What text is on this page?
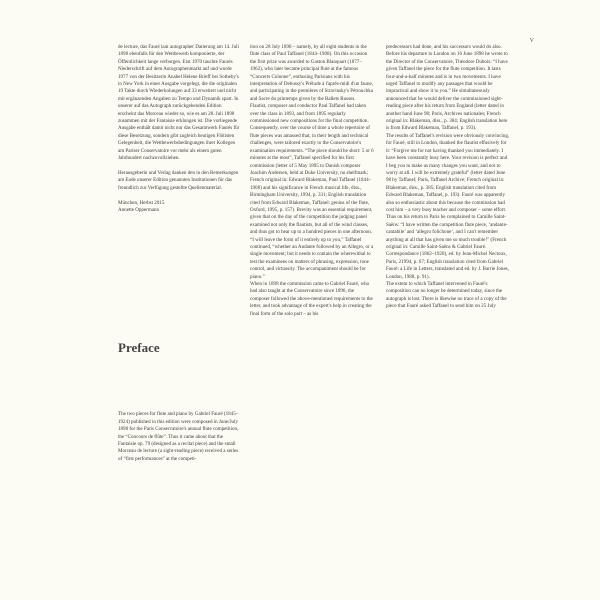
V

de lecture, das Fauré laut autographer Datierung am 14. Juli 1898 ebenfalls für den Wettbewerb komponierte, der Öffentlichkeit lange verborgen. Erst 1970 tauchte Faurés Niederschrift auf dem Autographenmarkt auf und wurde 1977 von der Besitzerin Anabel Helene Brieff bei Sotheby's in New York in einer Ausgabe vorgelegt, die die originalen 19 Takte durch Wiederholungen auf 33 erweitert und nicht mit ergänzenden Angaben zu Tempo und Dynamik spart. In unserer auf das Autograph zurückgehenden Edition erscheint das Morceau wieder so, wie es am 28. Juli 1898 zusammen mit der Fantaisie erklungen ist. Die vorliegende Ausgabe enthält damit nicht nur das Gesamtwerk Faurés für diese Besetzung, sondern gibt zugleich heutigen Flötisten Gelegenheit, die Wettbewerbsbedingungen ihrer Kollegen am Pariser Conservatoire vor mehr als einem guten Jahrhundert nachzuvollziehen.

Herausgeberin und Verlag danken den in den Bemerkungen am Ende unserer Edition genannten Institutionen für das freundlich zur Verfügung gestellte Quellenmaterial.

München, Herbst 2015

Annette Oppermann

Preface

The two pieces for flute and piano by Gabriel Fauré (1845–1924) published in this edition were composed in June/July 1898 for the Paris Conservatoire's annual flute competition, the “Concours de flûte”. Thus it came about that the Fantaisie op. 79 (designed as a recital piece) and the small Morceau de lecture (a sight-reading piece) received a series of “first performances” at the competi-

tion on 28 July 1898 – namely, by all eight students in the flute class of Paul Taffanel (1844–1908). On this occasion the first prize was awarded to Gaston Blanquart (1877–1962), who later became principal flute at the famous “Concerts Colonne”, enthusing Parisians with his interpretation of Debussy's Prélude à l'après-midi d'un faune, and participating in the premières of Stravinsky's Pétrouchka and Sacre du printemps given by the Ballets Russes.

Flautist, composer and conductor Paul Taffanel had taken over the class in 1893, and from 1895 regularly commissioned new compositions for the final competition. Consequently, over the course of time a whole repertoire of flute pieces was amassed that, in their length and technical challenges, were tailored exactly to the Conservatoire's examination requirements. “The piece should be short: 5 or 6 minutes at the most”, Taffanel specified for his first commission (letter of 5 May 1895 to Danish composer Joachim Andersen, held at Duke University, no shelfmark; French original in: Edward Blakeman, Paul Taffanel (1844–1908) and his significance in French musical life, diss., Birmingham University, 1994, p. 331; English translation cited from Edward Blakeman, Taffanel: genius of the flute, Oxford, 1995, p. 157). Brevity was an essential requirement, given that on the day of the competition the judging panel examined not only the flautists, but all of the wind classes, and thus got to hear up to a hundred pieces in one afternoon. “I will leave the form of it entirely up to you,” Taffanel continued, “whether an Andante followed by an Allegro, or a single movement; but it needs to contain the wherewithal to test the examinees on matters of phrasing, expression, tone control, and virtuosity. The accompaniment should be for piano.”

When in 1898 the commission came to Gabriel Fauré, who had also taught at the Conservatoire since 1896, the composer followed the above-mentioned requirements to the letter, and took advantage of the expert's help in creating the final form of the solo part – as his

predecessors had done, and his successors would do also. Before his departure to London on 16 June 1898 he wrote to the Director of the Conservatoire, Théodore Dubois: “I have given Taffanel the piece for the flute competition. It lasts four-and-a-half minutes and is in two movements. I have urged Taffanel to modify any passages that would be impractical and show it to you.” He simultaneously announced that he would deliver the commissioned sight-reading piece after his return from England (letter dated in another hand June 98; Paris, Archives nationales; French original in: Blakeman, diss., p. 384; English translation here is from Edward Blakeman, Taffanel, p. 193).

The results of Taffanel's revision were obviously convincing, for Fauré, still in London, thanked the flautist effusively for it: “Forgive me for not having thanked you immediately. I have been constantly busy here. Your revision is perfect and I beg you to make as many changes you want, and not to worry at all. I will be extremely grateful” (letter dated June 98 by Taffanel; Paris, Taffanel Archive; French original in: Blakeman, diss., p. 385; English translation cited from Edward Blakeman, Taffanel, p. 193). Fauré was apparently also so enthusiastic about this because the commission had cost him – a very busy teacher and composer – some effort. Thus on his return to Paris he complained to Camille Saint-Saëns: “I have written the competition flute piece, ‘andante-cantabile’ and ‘allegro folichone’, and I can't remember anything at all that has given me so much trouble!” (French original in: Camille Saint-Saëns & Gabriel Fauré. Correspondance (1862–1920), ed. by Jean-Michel Nectoux, Paris, 21994, p. 67; English translation cited from Gabriel Fauré: a Life in Letters, translated and ed. by J. Barrie Jones, London, 1988, p. 91).

The extent to which Taffanel intervened in Fauré's composition can no longer be determined today, since the autograph is lost. There is likewise no trace of a copy of the piece that Fauré asked Taffanel to send him on 25 July
